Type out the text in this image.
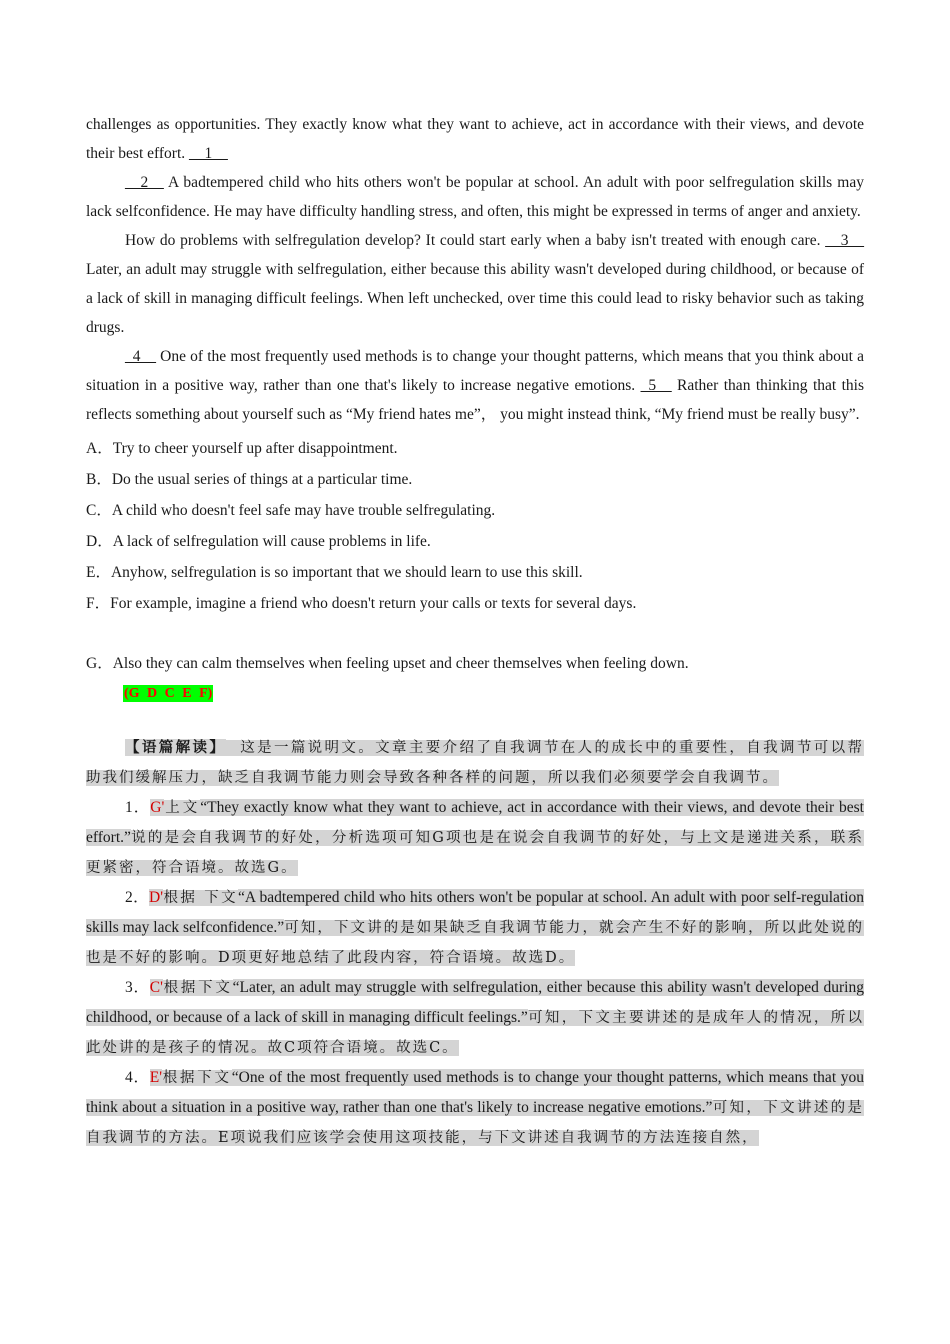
challenges as opportunities. They exactly know what they want to achieve, act in accordance with their views, and devote their best effort. __1__

__2__ A badtempered child who hits others won't be popular at school. An adult with poor selfregulation skills may lack selfconfidence. He may have difficulty handling stress, and often, this might be expressed in terms of anger and anxiety.

How do problems with selfregulation develop? It could start early when a baby isn't treated with enough care. __3__ Later, an adult may struggle with selfregulation, either because this ability wasn't developed during childhood, or because of a lack of skill in managing difficult feelings. When left unchecked, over time this could lead to risky behavior such as taking drugs.

_4__ One of the most frequently used methods is to change your thought patterns, which means that you think about a situation in a positive way, rather than one that's likely to increase negative emotions. _5__ Rather than thinking that this reflects something about yourself such as “My friend hates me”， you might instead think, “My friend must be really busy”.

A．Try to cheer yourself up after disappointment.

B．Do the usual series of things at a particular time.

C．A child who doesn't feel safe may have trouble selfregulating.

D．A lack of selfregulation will cause problems in life.

E．Anyhow, selfregulation is so important that we should learn to use this skill.

F．For example, imagine a friend who doesn't return your calls or texts for several days.

G．Also they can calm themselves when feeling upset and cheer themselves when feeling down.

(G D C E F)

【语篇解读】 这是一篇说明文。文章主要介绍了自我调节在人的成长中的重要性，自我调节可以帮助我们缓解压力，缺乏自我调节能力则会导致各种各样的问题，所以我们必须要学会自我调节。

1．G'上文“They exactly know what they want to achieve, act in accordance with their views, and devote their best effort.”说的是会自我调节的好处，分析选项可知G项也是在说会自我调节的好处，与上文是递进关系，联系更紧密，符合语境。故选G。

2．D'根据 下文“A badtempered child who hits others won't be popular at school. An adult with poor self-regulation skills may lack selfconfidence.”可知，下文讲的是如果缺乏自我调节能力，就会产生不好的影响，所以此处说的也是不好的影响。D项更好地总结了此段内容，符合语境。故选D。

3．C'根据下文“Later, an adult may struggle with selfregulation, either because this ability wasn't developed during childhood, or because of a lack of skill in managing difficult feelings.”可知，下文主要讲述的是成年人的情况，所以此处讲的是孩子的情况。故C项符合语境。故选C。

4．E'根据下文“One of the most frequently used methods is to change your thought patterns, which means that you think about a situation in a positive way, rather than one that's likely to increase negative emotions.”可知，下文讲述的是自我调节的方法。E项说我们应该学会使用这项技能，与下文讲述自我调节的方法连接自然，
